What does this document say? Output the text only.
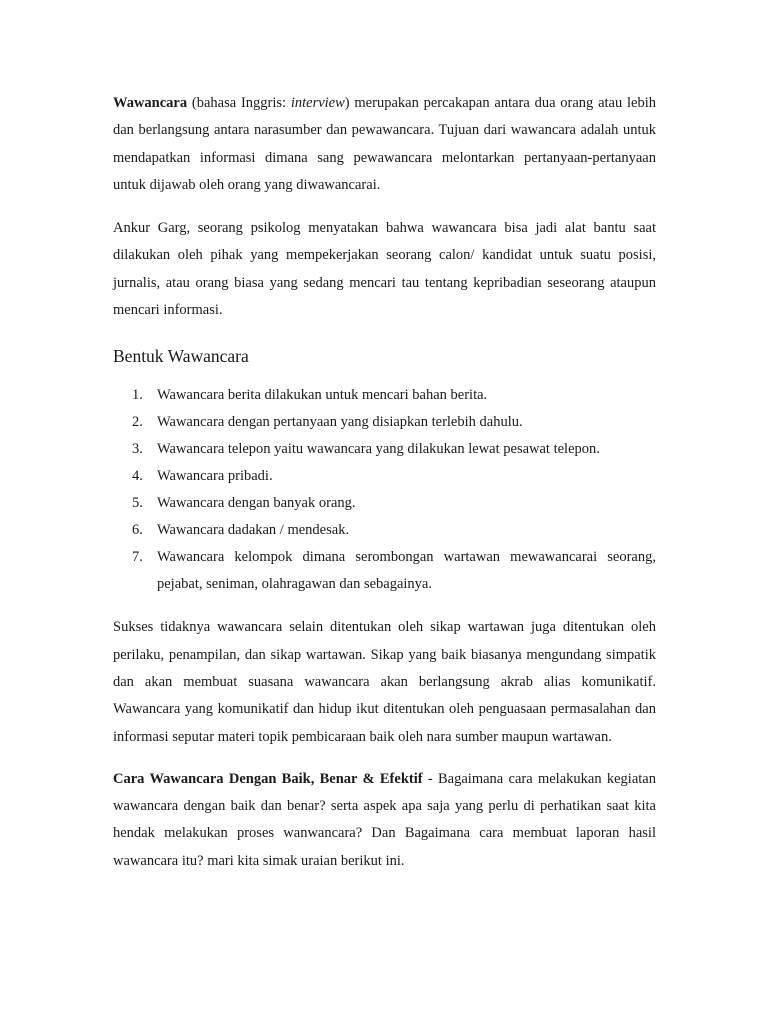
Wawancara (bahasa Inggris: interview) merupakan percakapan antara dua orang atau lebih dan berlangsung antara narasumber dan pewawancara. Tujuan dari wawancara adalah untuk mendapatkan informasi dimana sang pewawancara melontarkan pertanyaan-pertanyaan untuk dijawab oleh orang yang diwawancarai.

Ankur Garg, seorang psikolog menyatakan bahwa wawancara bisa jadi alat bantu saat dilakukan oleh pihak yang mempekerjakan seorang calon/ kandidat untuk suatu posisi, jurnalis, atau orang biasa yang sedang mencari tau tentang kepribadian seseorang ataupun mencari informasi.

Bentuk Wawancara
1. Wawancara berita dilakukan untuk mencari bahan berita.
2. Wawancara dengan pertanyaan yang disiapkan terlebih dahulu.
3. Wawancara telepon yaitu wawancara yang dilakukan lewat pesawat telepon.
4. Wawancara pribadi.
5. Wawancara dengan banyak orang.
6. Wawancara dadakan / mendesak.
7. Wawancara kelompok dimana serombongan wartawan mewawancarai seorang, pejabat, seniman, olahragawan dan sebagainya.

Sukses tidaknya wawancara selain ditentukan oleh sikap wartawan juga ditentukan oleh perilaku, penampilan, dan sikap wartawan. Sikap yang baik biasanya mengundang simpatik dan akan membuat suasana wawancara akan berlangsung akrab alias komunikatif. Wawancara yang komunikatif dan hidup ikut ditentukan oleh penguasaan permasalahan dan informasi seputar materi topik pembicaraan baik oleh nara sumber maupun wartawan.

Cara Wawancara Dengan Baik, Benar & Efektif - Bagaimana cara melakukan kegiatan wawancara dengan baik dan benar? serta aspek apa saja yang perlu di perhatikan saat kita hendak melakukan proses wanwancara? Dan Bagaimana cara membuat laporan hasil wawancara itu? mari kita simak uraian berikut ini.
